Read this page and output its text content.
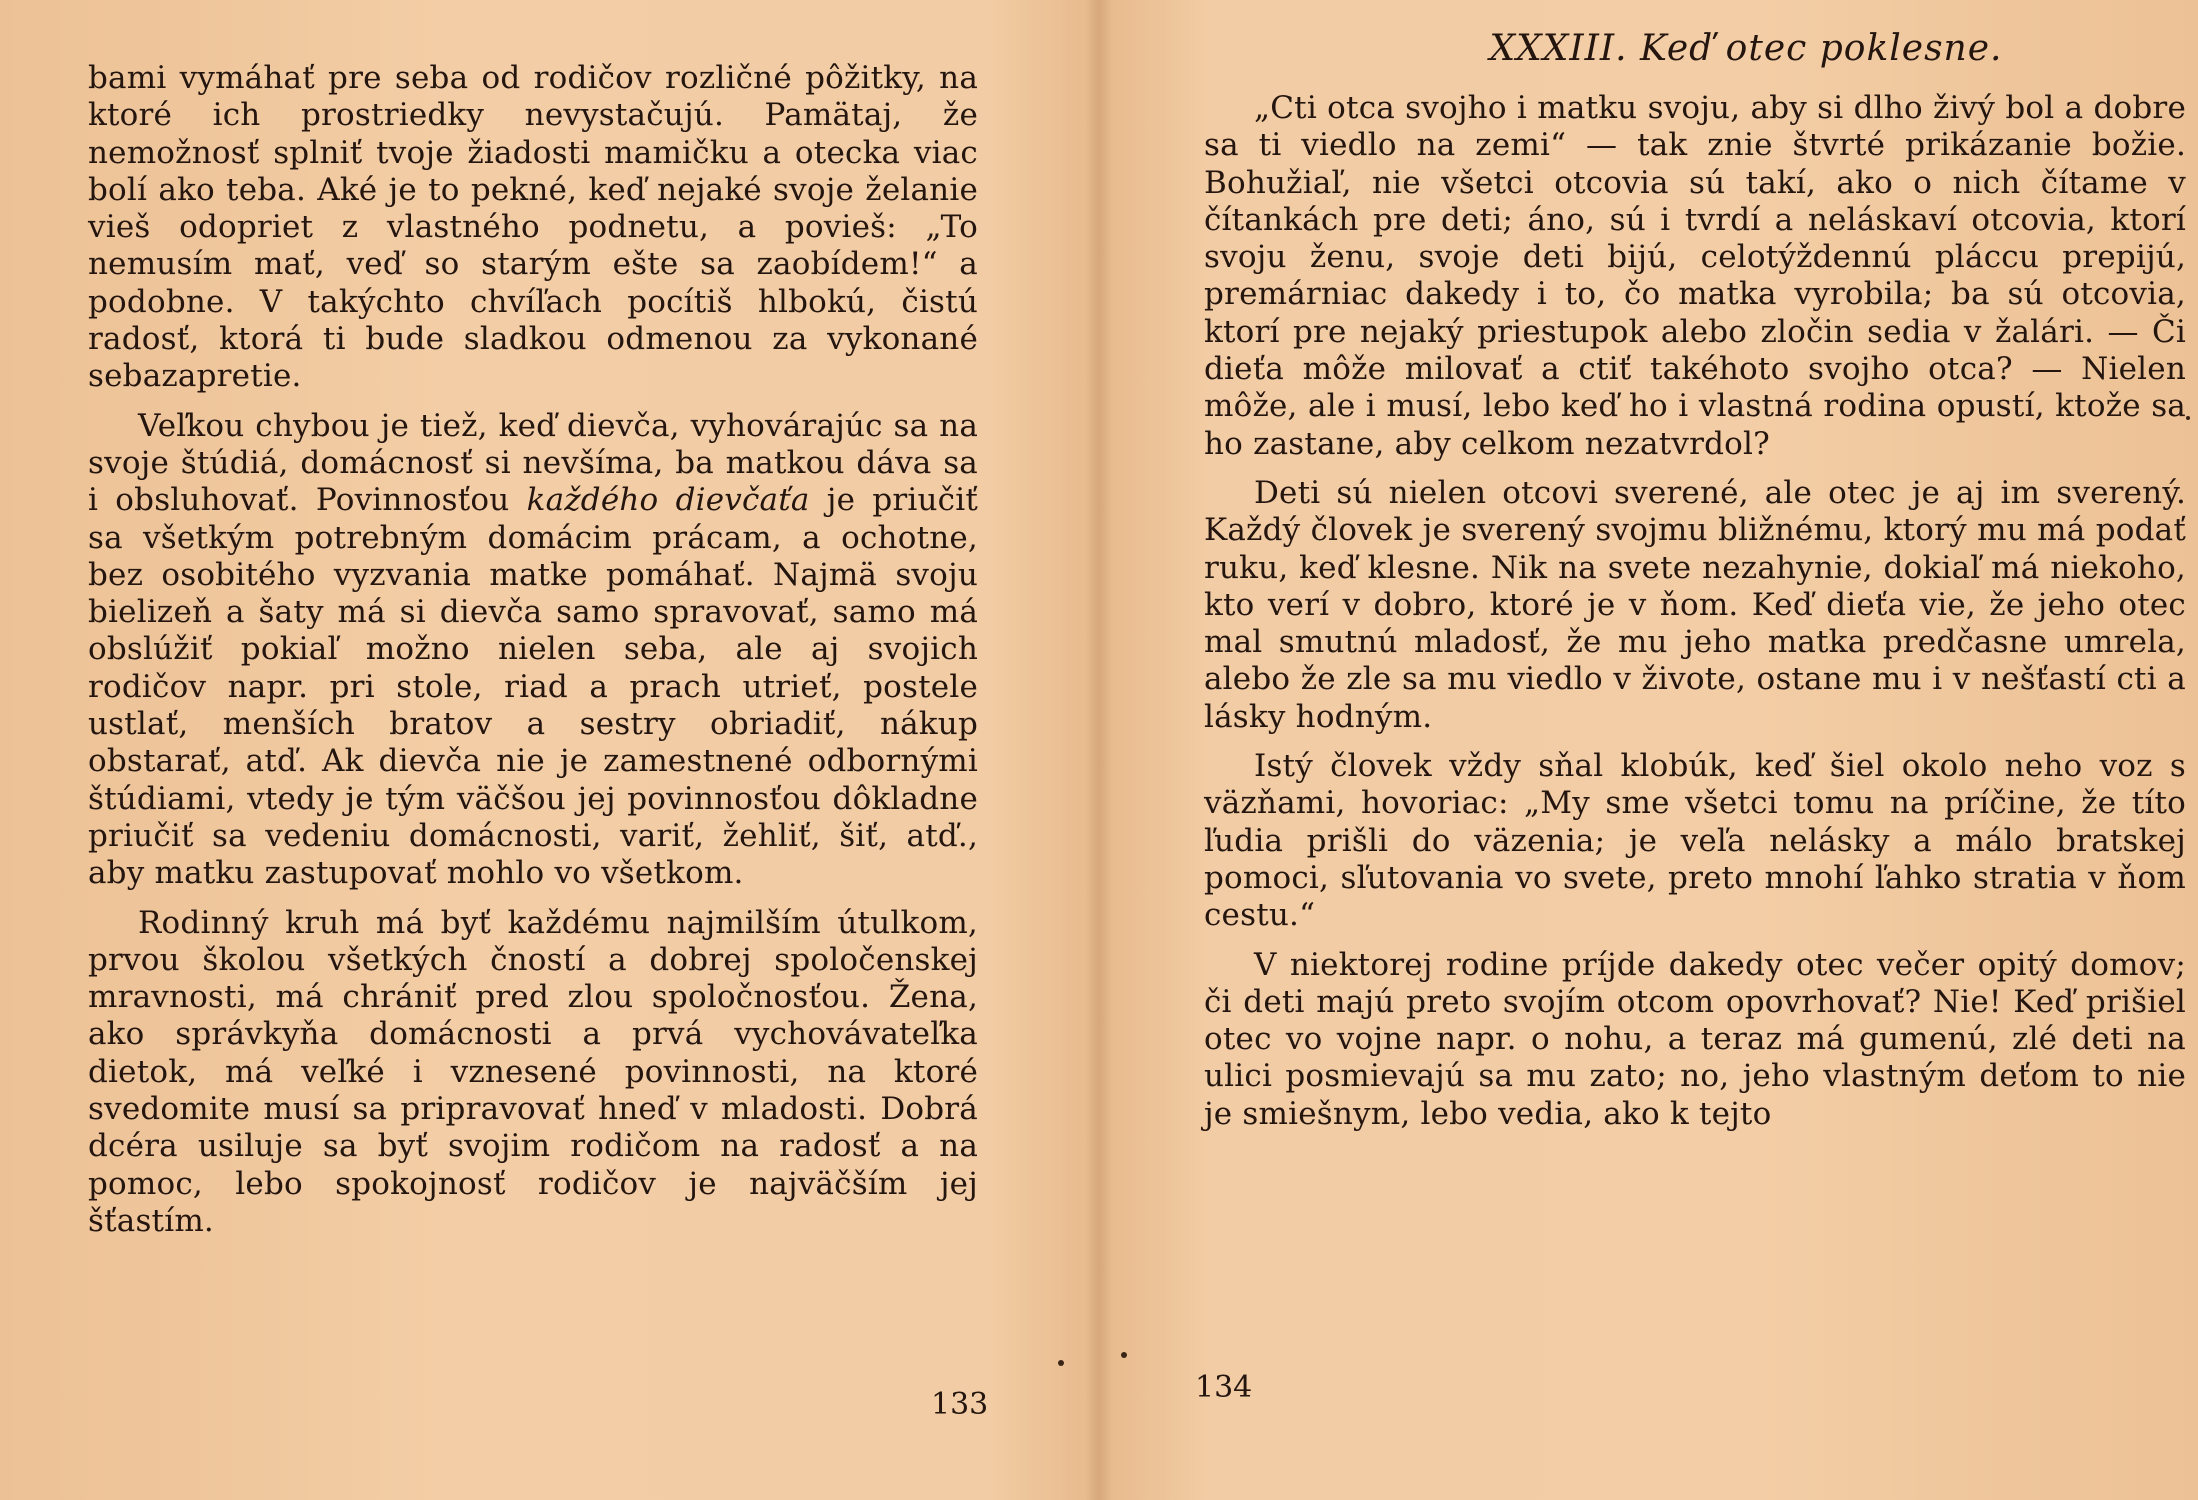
bami vymáhať pre seba od rodičov rozličné pôžitky, na ktoré ich prostriedky nevystačujú. Pamätaj, že nemožnosť splniť tvoje žiadosti mamičku a otecka viac bolí ako teba. Aké je to pekné, keď nejaké svoje želanie vieš odopriet z vlastného podnetu, a povieš: „To nemusím mať, veď so starým ešte sa zaobídem!“ a podobne. V takýchto chvíľach pocítiš hlbokú, čistú radosť, ktorá ti bude sladkou odmenou za vykonané sebazapretie.

Veľkou chybou je tiež, keď dievča, vyhovárajúc sa na svoje štúdiá, domácnosť si nevšíma, ba matkou dáva sa i obsluhovať. Povinnosťou každého dievčaťa je priučiť sa všetkým potrebným domácim prácam, a ochotne, bez osobitého vyzvania matke pomáhať. Najmä svoju bielizeň a šaty má si dievča samo spravovať, samo má obslúžiť pokiaľ možno nielen seba, ale aj svojich rodičov napr. pri stole, riad a prach utrieť, postele ustlať, menších bratov a sestry obriadiť, nákup obstarať, atď. Ak dievča nie je zamestnené odbornými štúdiami, vtedy je tým väčšou jej povinnosťou dôkladne priučiť sa vedeniu domácnosti, variť, žehliť, šiť, atď., aby matku zastupovať mohlo vo všetkom.

Rodinný kruh má byť každému najmilším útulkom, prvou školou všetkých čností a dobrej spoločenskej mravnosti, má chrániť pred zlou spoločnosťou. Žena, ako správkyňa domácnosti a prvá vychovávateľka dietok, má veľké i vznesené povinnosti, na ktoré svedomite musí sa pripravovať hneď v mladosti. Dobrá dcéra usiluje sa byť svojim rodičom na radosť a na pomoc, lebo spokojnosť rodičov je najväčším jej šťastím.

133
XXXIII. Keď otec poklesne.

„Cti otca svojho i matku svoju, aby si dlho živý bol a dobre sa ti viedlo na zemi“ — tak znie štvrté prikázanie božie. Bohužiaľ, nie všetci otcovia sú takí, ako o nich čítame v čítankách pre deti; áno, sú i tvrdí a neláskaví otcovia, ktorí svoju ženu, svoje deti bijú, celotýždennú pláccu prepijú, premárniac dakedy i to, čo matka vyrobila; ba sú otcovia, ktorí pre nejaký priestupok alebo zločin sedia v žalári. — Či dieťa môže milovať a ctiť takéhoto svojho otca? — Nielen môže, ale i musí, lebo keď ho i vlastná rodina opustí, ktože sa ho zastane, aby celkom nezatvrdol?

Deti sú nielen otcovi sverené, ale otec je aj im sverený. Každý človek je sverený svojmu bližnému, ktorý mu má podať ruku, keď klesne. Nik na svete nezahynie, dokiaľ má niekoho, kto verí v dobro, ktoré je v ňom. Keď dieťa vie, že jeho otec mal smutnú mladosť, že mu jeho matka predčasne umrela, alebo že zle sa mu viedlo v živote, ostane mu i v nešťastí cti a lásky hodným.

Istý človek vždy sňal klobúk, keď šiel okolo neho voz s väzňami, hovoriac: „My sme všetci tomu na príčine, že títo ľudia prišli do väzenia; je veľa nelásky a málo bratskej pomoci, sľutovania vo svete, preto mnohí ľahko stratia v ňom cestu.“

V niektorej rodine príjde dakedy otec večer opitý domov; či deti majú preto svojím otcom opovrhovať? Nie! Keď prišiel otec vo vojne napr. o nohu, a teraz má gumenú, zlé deti na ulici posmievajú sa mu zato; no, jeho vlastným deťom to nie je smiešnym, lebo vedia, ako k tejto

134
